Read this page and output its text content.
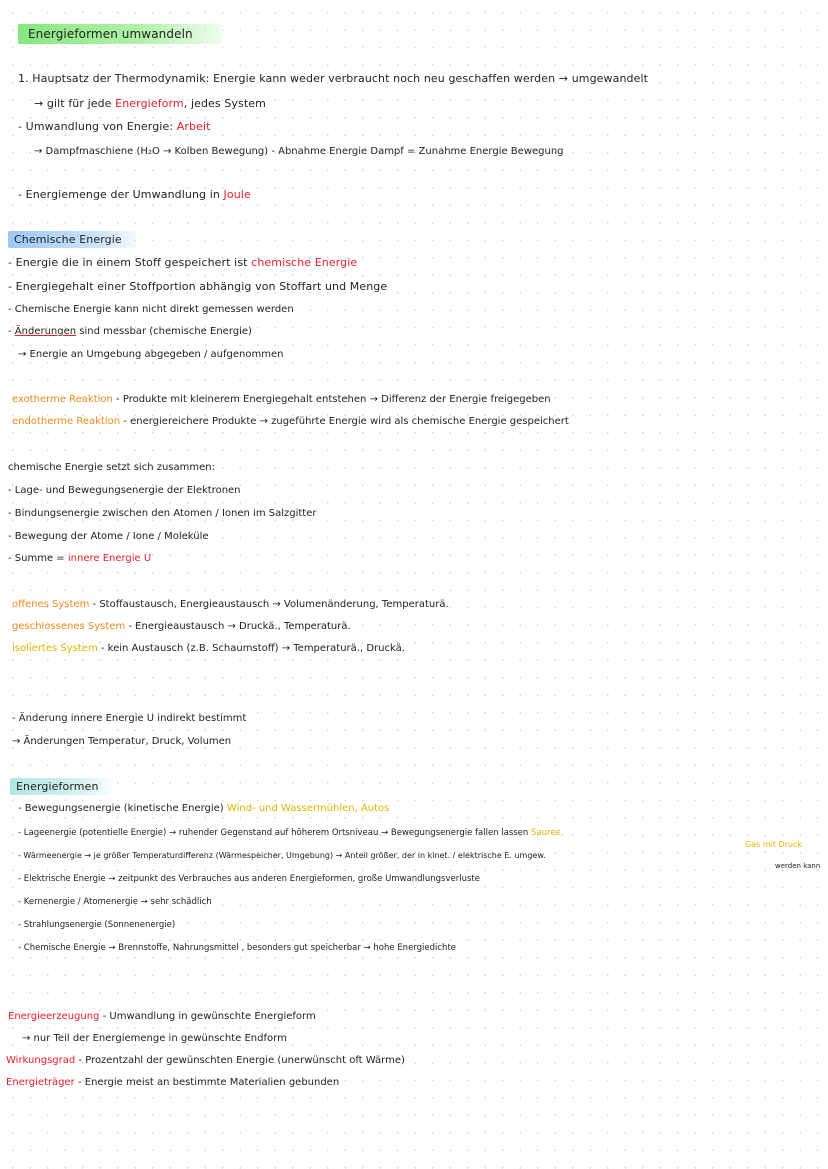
Energieformen umwandeln
1. Hauptsatz der Thermodynamik: Energie kann weder verbraucht noch neu geschaffen werden → umgewandelt
→ gilt für jede Energieform, jedes System
- Umwandlung von Energie: Arbeit
→ Dampfmaschiene (H₂O → Kolben Bewegung) - Abnahme Energie Dampf = Zunahme Energie Bewegung
- Energiemenge der Umwandlung in Joule
Chemische Energie
- Energie die in einem Stoff gespeichert ist chemische Energie
- Energiegehalt einer Stoffportion abhängig von Stoffart und Menge
- Chemische Energie kann nicht direkt gemessen werden
- Änderungen sind messbar (chemische Energie)
→ Energie an Umgebung abgegeben / aufgenommen
exotherme Reaktion - Produkte mit kleinerem Energiegehalt entstehen → Differenz der Energie freigegeben
endotherme Reaktion - energiereichere Produkte → zugeführte Energie wird als chemische Energie gespeichert
chemische Energie setzt sich zusammen:
- Lage- und Bewegungsenergie der Elektronen
- Bindungsenergie zwischen den Atomen / Ionen im Salzgitter
- Bewegung der Atome / Ione / Moleküle
- Summe = innere Energie U
offenes System - Stoffaustausch, Energieaustausch → Volumenänderung, Temperaturä.
geschlossenes System - Energieaustausch → Druckä., Temperaturä.
isoliertes System - kein Austausch (z.B. Schaumstoff) → Temperaturä., Druckä.
- Änderung innere Energie U indirekt bestimmt
→ Änderungen Temperatur, Druck, Volumen
Energieformen
- Bewegungsenergie (kinetische Energie) Wind- und Wassermühlen, Autos
- Lageenergie (potentielle Energie) → ruhender Gegenstand auf höherem Ortsniveau → Bewegungsenergie fallen lassen Sauree,
Gas mit Druck
- Wärmeenergie → je größer Temperaturdifferenz (Wärmespeicher, Umgebung) → Anteil größer, der in kinet. / elektrische E. umgew.
werden kann
- Elektrische Energie → zeitpunkt des Verbrauches aus anderen Energieformen, große Umwandlungsverluste
- Kernenergie / Atomenergie → sehr schädlich
- Strahlungsenergie (Sonnenenergie)
- Chemische Energie → Brennstoffe, Nahrungsmittel , besonders gut speicherbar → hohe Energiedichte
Energieerzeugung - Umwandlung in gewünschte Energieform
→ nur Teil der Energiemenge in gewünschte Endform
Wirkungsgrad - Prozentzahl der gewünschten Energie (unerwünscht oft Wärme)
Energieträger - Energie meist an bestimmte Materialien gebunden
